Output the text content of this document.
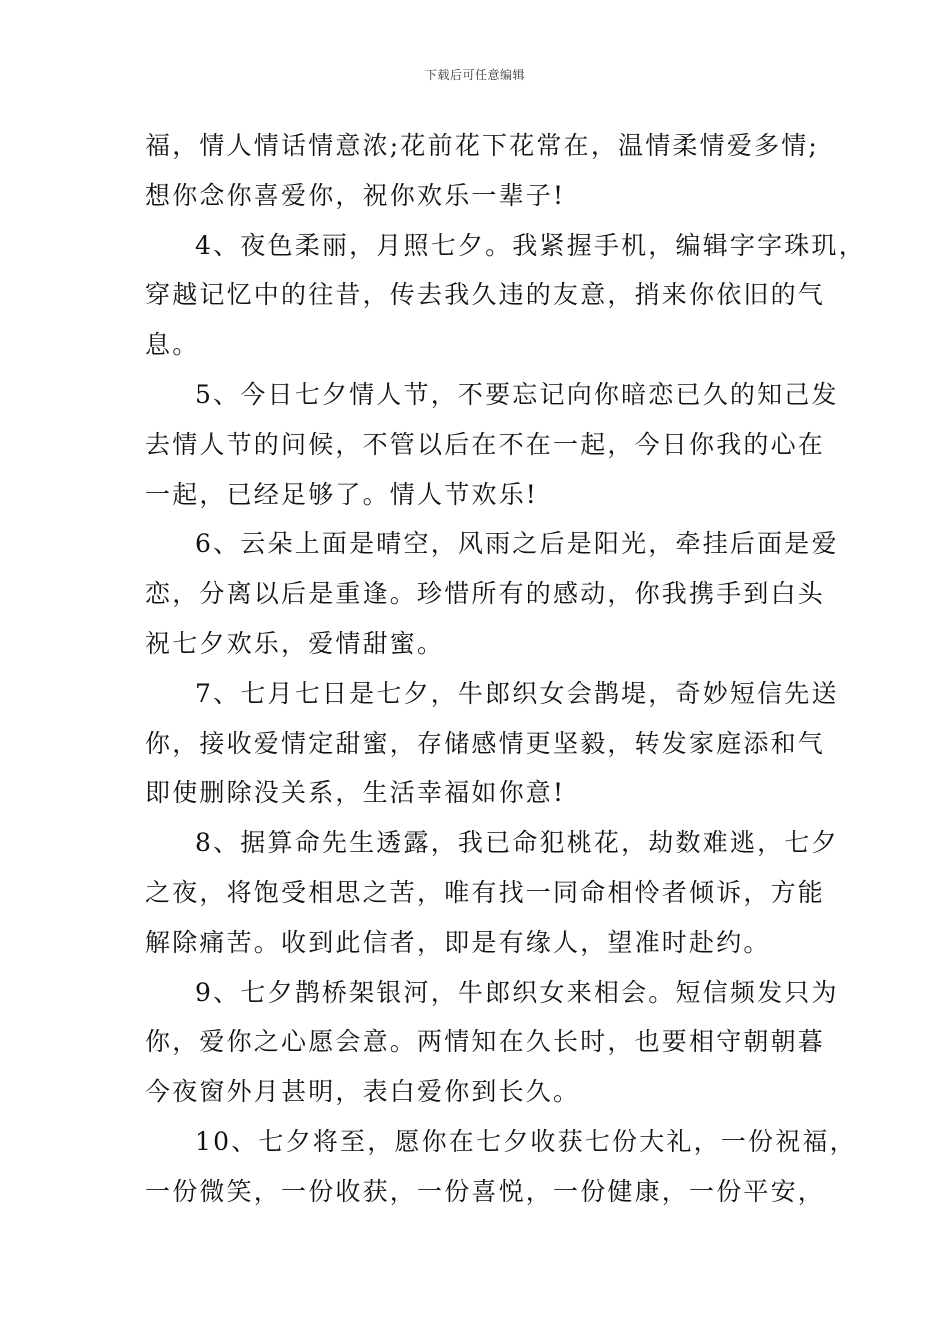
下载后可任意编辑
福，情人情话情意浓;花前花下花常在，温情柔情爱多情;
想你念你喜爱你，祝你欢乐一辈子!
4、夜色柔丽，月照七夕。我紧握手机，编辑字字珠玑，
穿越记忆中的往昔，传去我久违的友意，捎来你依旧的气
息。
5、今日七夕情人节，不要忘记向你暗恋已久的知己发
去情人节的问候，不管以后在不在一起，今日你我的心在
一起，已经足够了。情人节欢乐!
6、云朵上面是晴空，风雨之后是阳光，牵挂后面是爱
恋，分离以后是重逢。珍惜所有的感动，你我携手到白头
祝七夕欢乐，爱情甜蜜。
7、七月七日是七夕，牛郎织女会鹊堤，奇妙短信先送
你，接收爱情定甜蜜，存储感情更坚毅，转发家庭添和气
即使删除没关系，生活幸福如你意!
8、据算命先生透露，我已命犯桃花，劫数难逃，七夕
之夜，将饱受相思之苦，唯有找一同命相怜者倾诉，方能
解除痛苦。收到此信者，即是有缘人，望准时赴约。
9、七夕鹊桥架银河，牛郎织女来相会。短信频发只为
你，爱你之心愿会意。两情知在久长时，也要相守朝朝暮
今夜窗外月甚明，表白爱你到长久。
10、七夕将至，愿你在七夕收获七份大礼，一份祝福，
一份微笑，一份收获，一份喜悦，一份健康，一份平安，
